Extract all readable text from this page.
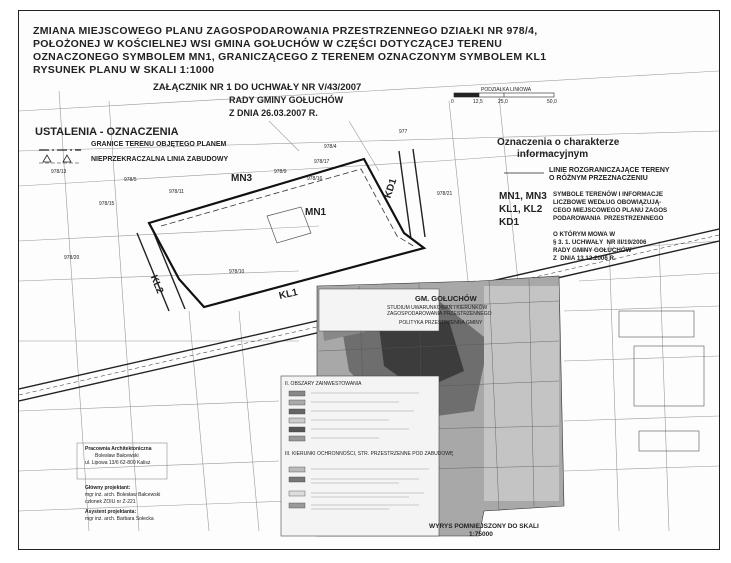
ZMIANA MIEJSCOWEGO PLANU ZAGOSPODAROWANIA PRZESTRZENNEGO DZIAŁKI NR 978/4,
POŁOŻONEJ W KOŚCIELNEJ WSI GMINA GOŁUCHÓW W CZĘŚCI DOTYCZĄCEJ TERENU
OZNACZONEGO SYMBOLEM MN1, GRANICZĄCEGO Z TERENEM OZNACZONYM SYMBOLEM KL1
RYSUNEK PLANU W SKALI 1:1000
ZAŁĄCZNIK NR 1 DO UCHWAŁY NR V/43/2007
RADY GMINY GOŁUCHÓW
Z DNIA 26.03.2007 R.
PODZIAŁKA LINIOWA
0	12,5	25,0	50,0
USTALENIA - OZNACZENIA
GRANICE TERENU OBJĘTEGO PLANEM
NIEPRZEKRACZALNA LINIA ZABUDOWY
Oznaczenia o charakterze
informacyjnym
LINIE ROZGRANICZAJĄCE TERENY
O RÓŻNYM PRZEZNACZENIU
MN1, MN3
KL1, KL2
KD1
SYMBOLE TERENÓW I INFORMACJE
LICZBOWE WEDŁUG OBOWIĄZUJĄ-
CEGO MIEJSCOWEGO PLANU ZAGOS
PODAROWANIA  PRZESTRZENNEGO

O KTÓRYM MOWA W
§ 3. 1. UCHWAŁY  NR III/19/2006
RADY GMINY GOŁUCHÓW
Z  DNIA 13.12.2006 R.
MN3
MN1
KD1
KL1
KL2
978/4
978/17
978/9
978/16
978/21
978/5
978/11
978/15
978/20
978/10
978/13
977
GM. GOŁUCHÓW
STUDIUM UWARUNKOWAŃ I KIERUNKÓW
ZAGOSPODAROWANIA PRZESTRZENNEGO
POLITYKA PRZESTRZENNA GMINY
II. OBSZARY ZAINWESTOWANIA
III. KIERUNKI OCHRONNOŚCI, STR. PRZESTRZENNE POD ZABUDOWĘ
WYRYS POMNIEJSZONY DO SKALI
1:75000
Pracownia Architektoniczna
Bolesław Bałcewski
ul. Lipowa 13/6 62-800 Kalisz
Główny projektant:
mgr inż. arch. Bolesław Bałcewski
członek ZOIU nr Z-221
Asystent projektanta:
mgr inż. arch. Barbara Sołecka
